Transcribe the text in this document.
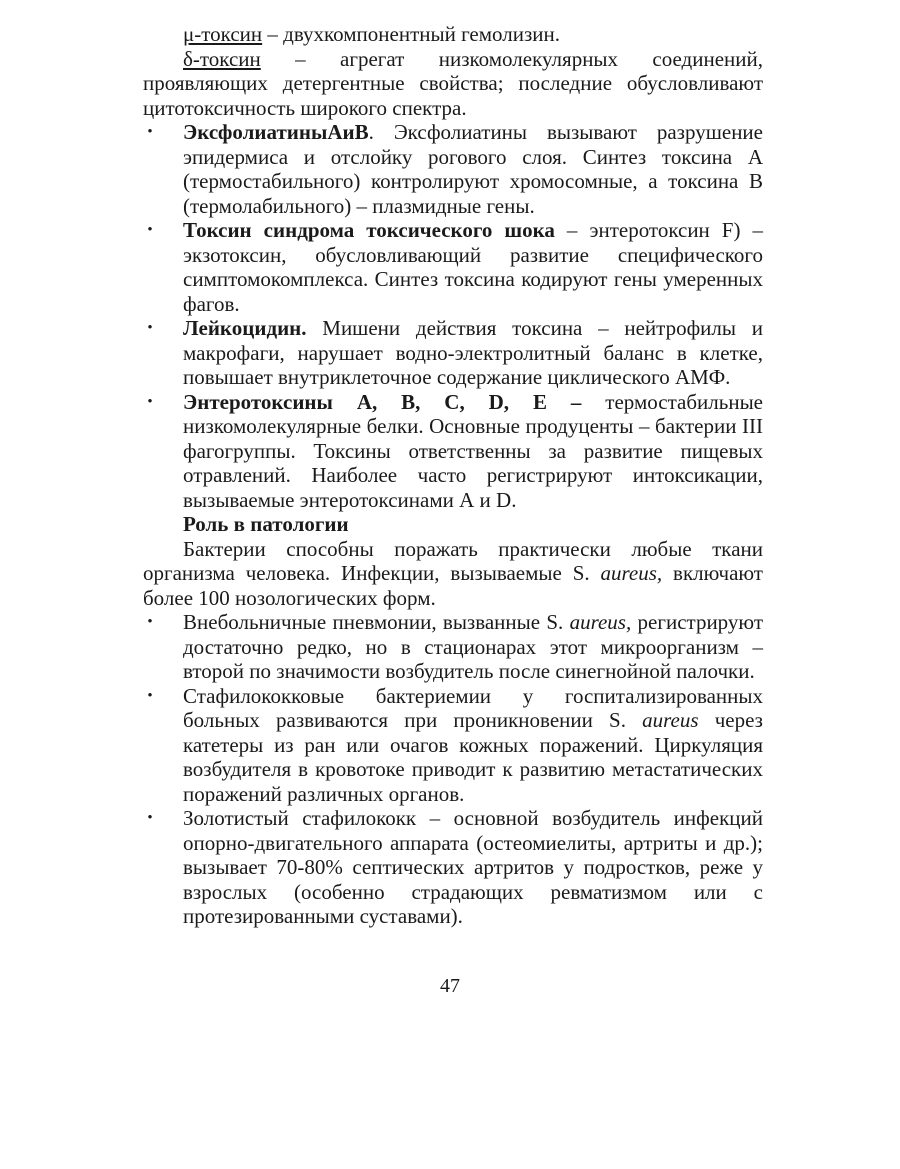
μ-токсин – двухкомпонентный гемолизин.

δ-токсин – агрегат низкомолекулярных соединений, проявляющих детергентные свойства; последние обусловливают цитотоксичность широкого спектра.

• ЭксфолиатиныАиВ. Эксфолиатины вызывают разрушение эпидермиса и отслойку рогового слоя. Синтез токсина А (термостабильного) контролируют хромосомные, а токсина В (термолабильного) – плазмидные гены.
• Токсин синдрома токсического шока – энтеротоксин F) – экзотоксин, обусловливающий развитие специфического симптомокомплекса. Синтез токсина кодируют гены умеренных фагов.
• Лейкоцидин. Мишени действия токсина – нейтрофилы и макрофаги, нарушает водно-электролитный баланс в клетке, повышает внутриклеточное содержание циклического АМФ.
• Энтеротоксины А, В, С, D, Е – термостабильные низкомолекулярные белки. Основные продуценты – бактерии III фагогруппы. Токсины ответственны за развитие пищевых отравлений. Наиболее часто регистрируют интоксикации, вызываемые энтеротоксинами А и D.

Роль в патологии

Бактерии способны поражать практически любые ткани организма человека. Инфекции, вызываемые S. aureus, включают более 100 нозологических форм.

• Внебольничные пневмонии, вызванные S. aureus, регистрируют достаточно редко, но в стационарах этот микроорганизм – второй по значимости возбудитель после синегнойной палочки.
• Стафилококковые бактериемии у госпитализированных больных развиваются при проникновении S. aureus через катетеры из ран или очагов кожных поражений. Циркуляция возбудителя в кровотоке приводит к развитию метастатических поражений различных органов.
• Золотистый стафилококк – основной возбудитель инфекций опорно-двигательного аппарата (остеомиелиты, артриты и др.); вызывает 70-80% септических артритов у подростков, реже у взрослых (особенно страдающих ревматизмом или с протезированными суставами).
47
